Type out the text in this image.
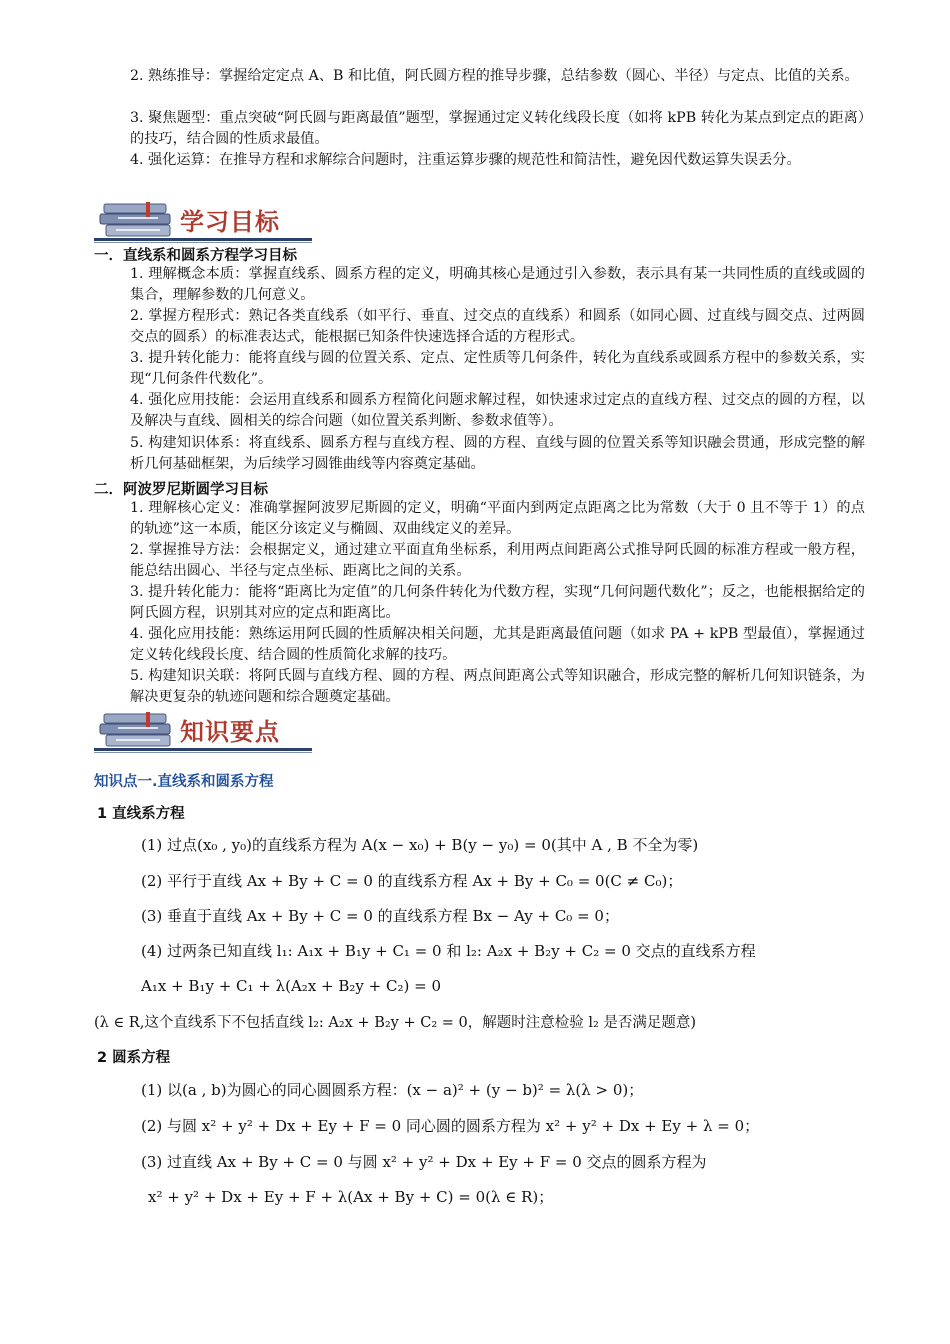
2. 熟练推导：掌握给定定点 A、B 和比值，阿氏圆方程的推导步骤，总结参数（圆心、半径）与定点、比值的关系。
3. 聚焦题型：重点突破“阿氏圆与距离最值”题型，掌握通过定义转化线段长度（如将 kPB 转化为某点到定点的距离）的技巧，结合圆的性质求最值。
4. 强化运算：在推导方程和求解综合问题时，注重运算步骤的规范性和简洁性，避免因代数运算失误丢分。
学习目标
一．直线系和圆系方程学习目标
1. 理解概念本质：掌握直线系、圆系方程的定义，明确其核心是通过引入参数，表示具有某一共同性质的直线或圆的集合，理解参数的几何意义。
2. 掌握方程形式：熟记各类直线系（如平行、垂直、过交点的直线系）和圆系（如同心圆、过直线与圆交点、过两圆交点的圆系）的标准表达式，能根据已知条件快速选择合适的方程形式。
3. 提升转化能力：能将直线与圆的位置关系、定点、定性质等几何条件，转化为直线系或圆系方程中的参数关系，实现“几何条件代数化”。
4. 强化应用技能：会运用直线系和圆系方程简化问题求解过程，如快速求过定点的直线方程、过交点的圆的方程，以及解决与直线、圆相关的综合问题（如位置关系判断、参数求值等）。
5. 构建知识体系：将直线系、圆系方程与直线方程、圆的方程、直线与圆的位置关系等知识融会贯通，形成完整的解析几何基础框架，为后续学习圆锥曲线等内容奠定基础。
二．阿波罗尼斯圆学习目标
1. 理解核心定义：准确掌握阿波罗尼斯圆的定义，明确“平面内到两定点距离之比为常数（大于 0 且不等于 1）的点的轨迹”这一本质，能区分该定义与椭圆、双曲线定义的差异。
2. 掌握推导方法：会根据定义，通过建立平面直角坐标系，利用两点间距离公式推导阿氏圆的标准方程或一般方程，能总结出圆心、半径与定点坐标、距离比之间的关系。
3. 提升转化能力：能将“距离比为定值”的几何条件转化为代数方程，实现“几何问题代数化”；反之，也能根据给定的阿氏圆方程，识别其对应的定点和距离比。
4. 强化应用技能：熟练运用阿氏圆的性质解决相关问题，尤其是距离最值问题（如求 PA + kPB 型最值），掌握通过定义转化线段长度、结合圆的性质简化求解的技巧。
5. 构建知识关联：将阿氏圆与直线方程、圆的方程、两点间距离公式等知识融合，形成完整的解析几何知识链条，为解决更复杂的轨迹问题和综合题奠定基础。
知识要点
知识点一.直线系和圆系方程
1 直线系方程
(1) 过点(x₀ , y₀)的直线系方程为 A(x − x₀) + B(y − y₀) = 0(其中 A , B 不全为零)
(2) 平行于直线 Ax + By + C = 0 的直线系方程 Ax + By + C₀ = 0(C ≠ C₀)；
(3) 垂直于直线 Ax + By + C = 0 的直线系方程 Bx − Ay + C₀ = 0；
(4) 过两条已知直线 l₁: A₁x + B₁y + C₁ = 0 和 l₂: A₂x + B₂y + C₂ = 0 交点的直线系方程
A₁x + B₁y + C₁ + λ(A₂x + B₂y + C₂) = 0
(λ ∈ R,这个直线系下不包括直线 l₂: A₂x + B₂y + C₂ = 0，解题时注意检验 l₂ 是否满足题意)
2 圆系方程
(1) 以(a , b)为圆心的同心圆圆系方程：(x − a)² + (y − b)² = λ(λ > 0)；
(2) 与圆 x² + y² + Dx + Ey + F = 0 同心圆的圆系方程为 x² + y² + Dx + Ey + λ = 0；
(3) 过直线 Ax + By + C = 0 与圆 x² + y² + Dx + Ey + F = 0 交点的圆系方程为
x² + y² + Dx + Ey + F + λ(Ax + By + C) = 0(λ ∈ R)；
